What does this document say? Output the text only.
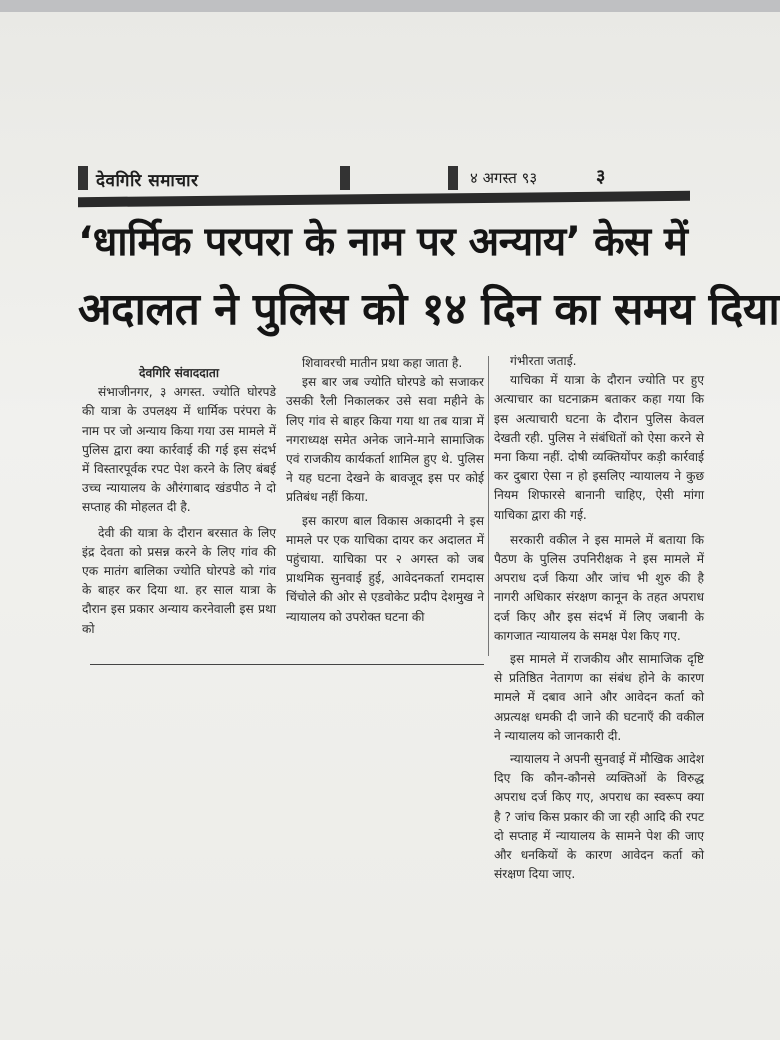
देवगिरि समाचार	४ अगस्त ९३	३
‘धार्मिक परपरा के नाम पर अन्याय’ केस में
अदालत ने पुलिस को १४ दिन का समय दिया

देवगिरि संवाददाता

संभाजीनगर, ३ अगस्त. ज्योति घोरपडे की यात्रा के उपलक्ष्य में धार्मिक परंपरा के नाम पर जो अन्याय किया गया उस मामले में पुलिस द्वारा क्या कार्रवाई की गई इस संदर्भ में विस्तारपूर्वक रपट पेश करने के लिए बंबई उच्च न्यायालय के औरंगाबाद खंडपीठ ने दो सप्ताह की मोहलत दी है.

देवी की यात्रा के दौरान बरसात के लिए इंद्र देवता को प्रसन्न करने के लिए गांव की एक मातंग बालिका ज्योति घोरपडे को गांव के बाहर कर दिया था. हर साल यात्रा के दौरान इस प्रकार अन्याय करनेवाली इस प्रथा को

शिवावरची मातीन प्रथा कहा जाता है.

इस बार जब ज्योति घोरपडे को सजाकर उसकी रैली निकालकर उसे सवा महीने के लिए गांव से बाहर किया गया था तब यात्रा में नगराध्यक्ष समेत अनेक जाने-माने सामाजिक एवं राजकीय कार्यकर्ता शामिल हुए थे. पुलिस ने यह घटना देखने के बावजूद इस पर कोई प्रतिबंध नहीं किया.

इस कारण बाल विकास अकादमी ने इस मामले पर एक याचिका दायर कर अदालत में पहुंचाया. याचिका पर २ अगस्त को जब प्राथमिक सुनवाई हुई, आवेदनकर्ता रामदास चिंचोले की ओर से एडवोकेट प्रदीप देशमुख ने न्यायालय को उपरोक्त घटना की

गंभीरता जताई.

याचिका में यात्रा के दौरान ज्योति पर हुए अत्याचार का घटनाक्रम बताकर कहा गया कि इस अत्याचारी घटना के दौरान पुलिस केवल देखती रही. पुलिस ने संबंधितों को ऐसा करने से मना किया नहीं. दोषी व्यक्तियोंपर कड़ी कार्रवाई कर दुबारा ऐसा न हो इसलिए न्यायालय ने कुछ नियम शिफारसे बानानी चाहिए, ऐसी मांगा याचिका द्वारा की गई.

सरकारी वकील ने इस मामले में बताया कि पैठण के पुलिस उपनिरीक्षक ने इस मामले में अपराध दर्ज किया और जांच भी शुरु की है नागरी अधिकार संरक्षण कानून के तहत अपराध दर्ज किए और इस संदर्भ में लिए जबानी के कागजात न्यायालय के समक्ष पेश किए गए.

इस मामले में राजकीय और सामाजिक दृष्टि से प्रतिष्ठित नेतागण का संबंध होने के कारण मामले में दबाव आने और आवेदन कर्ता को अप्रत्यक्ष धमकी दी जाने की घटनाएँ की वकील ने न्यायालय को जानकारी दी.

न्यायालय ने अपनी सुनवाई में मौखिक आदेश दिए कि कौन-कौनसे व्यक्तिओं के विरुद्ध अपराध दर्ज किए गए, अपराध का स्वरूप क्या है ? जांच किस प्रकार की जा रही आदि की रपट दो सप्ताह में न्यायालय के सामने पेश की जाए और धनकियों के कारण आवेदन कर्ता को संरक्षण दिया जाए.
